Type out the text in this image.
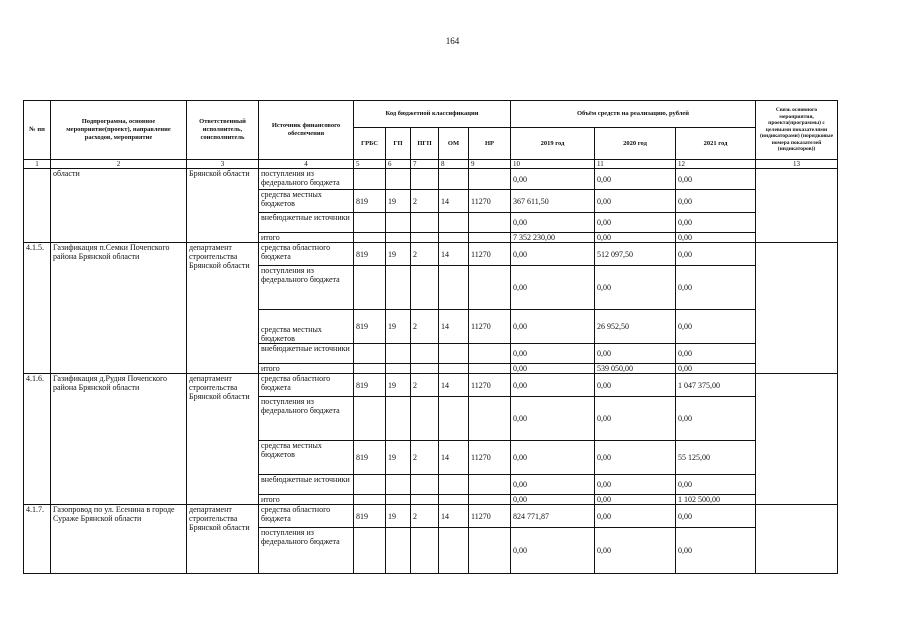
164
№ пп	Подпрограмма, основное мероприятие(проект), направление расходов, мероприятие	Ответственный исполнитель, соисполнитель	Источник финансового обеспечения	Код бюджетной классификации					Объём средств на реализацию, рублей			Связь основного мероприятия, проекта(программы) с целевыми показателями (индикаторами) (порядковые номера показателей (индикаторов))
				ГРБС	ГП	ПГП	ОМ	НР	2019 год	2020 год	2021 год	
1	2	3	4	5	6	7	8	9	10	11	12	13
	области	Брянской области	поступления из федерального бюджета						0,00	0,00	0,00	
			средства местных бюджетов	819	19	2	14	11270	367 611,50	0,00	0,00	
			внебюджетные источники						0,00	0,00	0,00	
			итого						7 352 230,00	0,00	0,00	
4.1.5.	Газификация п.Семки Почепского района Брянской области	департамент строительства Брянской области	средства областного бюджета	819	19	2	14	11270	0,00	512 097,50	0,00	
			поступления из федерального бюджета						0,00	0,00	0,00	
			средства местных бюджетов	819	19	2	14	11270	0,00	26 952,50	0,00	
			внебюджетные источники						0,00	0,00	0,00	
			итого						0,00	539 050,00	0,00	
4.1.6.	Газификация д.Рудня Почепского района Брянской области	департамент строительства Брянской области	средства областного бюджета	819	19	2	14	11270	0,00	0,00	1 047 375,00	
			поступления из федерального бюджета						0,00	0,00	0,00	
			средства местных бюджетов	819	19	2	14	11270	0,00	0,00	55 125,00	
			внебюджетные источники						0,00	0,00	0,00	
			итого						0,00	0,00	1 102 500,00	
4.1.7.	Газопровод по ул. Есенина в городе Сураже Брянской области	департамент строительства Брянской области	средства областного бюджета	819	19	2	14	11270	824 771,87	0,00	0,00	
			поступления из федерального бюджета						0,00	0,00	0,00	
